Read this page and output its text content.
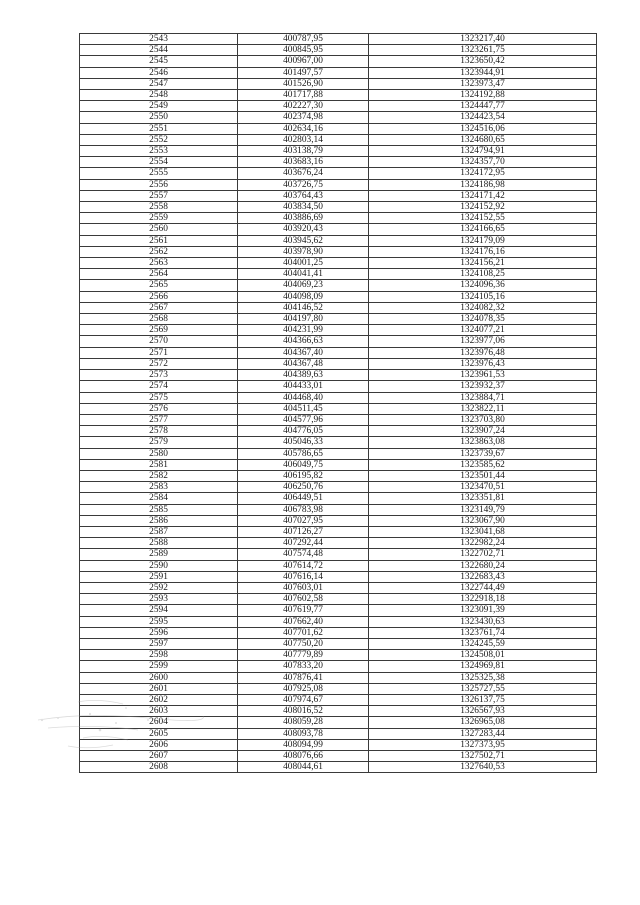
2543	400787,95	1323217,40
2544	400845,95	1323261,75
2545	400967,00	1323650,42
2546	401497,57	1323944,91
2547	401526,90	1323973,47
2548	401717,88	1324192,88
2549	402227,30	1324447,77
2550	402374,98	1324423,54
2551	402634,16	1324516,06
2552	402803,14	1324680,65
2553	403138,79	1324794,91
2554	403683,16	1324357,70
2555	403676,24	1324172,95
2556	403726,75	1324186,98
2557	403764,43	1324171,42
2558	403834,50	1324152,92
2559	403886,69	1324152,55
2560	403920,43	1324166,65
2561	403945,62	1324179,09
2562	403978,90	1324176,16
2563	404001,25	1324156,21
2564	404041,41	1324108,25
2565	404069,23	1324096,36
2566	404098,09	1324105,16
2567	404146,52	1324082,32
2568	404197,80	1324078,35
2569	404231,99	1324077,21
2570	404366,63	1323977,06
2571	404367,40	1323976,48
2572	404367,48	1323976,43
2573	404389,63	1323961,53
2574	404433,01	1323932,37
2575	404468,40	1323884,71
2576	404511,45	1323822,11
2577	404577,96	1323703,80
2578	404776,05	1323907,24
2579	405046,33	1323863,08
2580	405786,65	1323739,67
2581	406049,75	1323585,62
2582	406195,82	1323501,44
2583	406250,76	1323470,51
2584	406449,51	1323351,81
2585	406783,98	1323149,79
2586	407027,95	1323067,90
2587	407126,27	1323041,68
2588	407292,44	1322982,24
2589	407574,48	1322702,71
2590	407614,72	1322680,24
2591	407616,14	1322683,43
2592	407603,01	1322744,49
2593	407602,58	1322918,18
2594	407619,77	1323091,39
2595	407662,40	1323430,63
2596	407701,62	1323761,74
2597	407750,20	1324245,59
2598	407779,89	1324508,01
2599	407833,20	1324969,81
2600	407876,41	1325325,38
2601	407925,08	1325727,55
2602	407974,67	1326137,75
2603	408016,52	1326567,93
2604	408059,28	1326965,08
2605	408093,78	1327283,44
2606	408094,99	1327373,95
2607	408076,66	1327502,71
2608	408044,61	1327640,53
